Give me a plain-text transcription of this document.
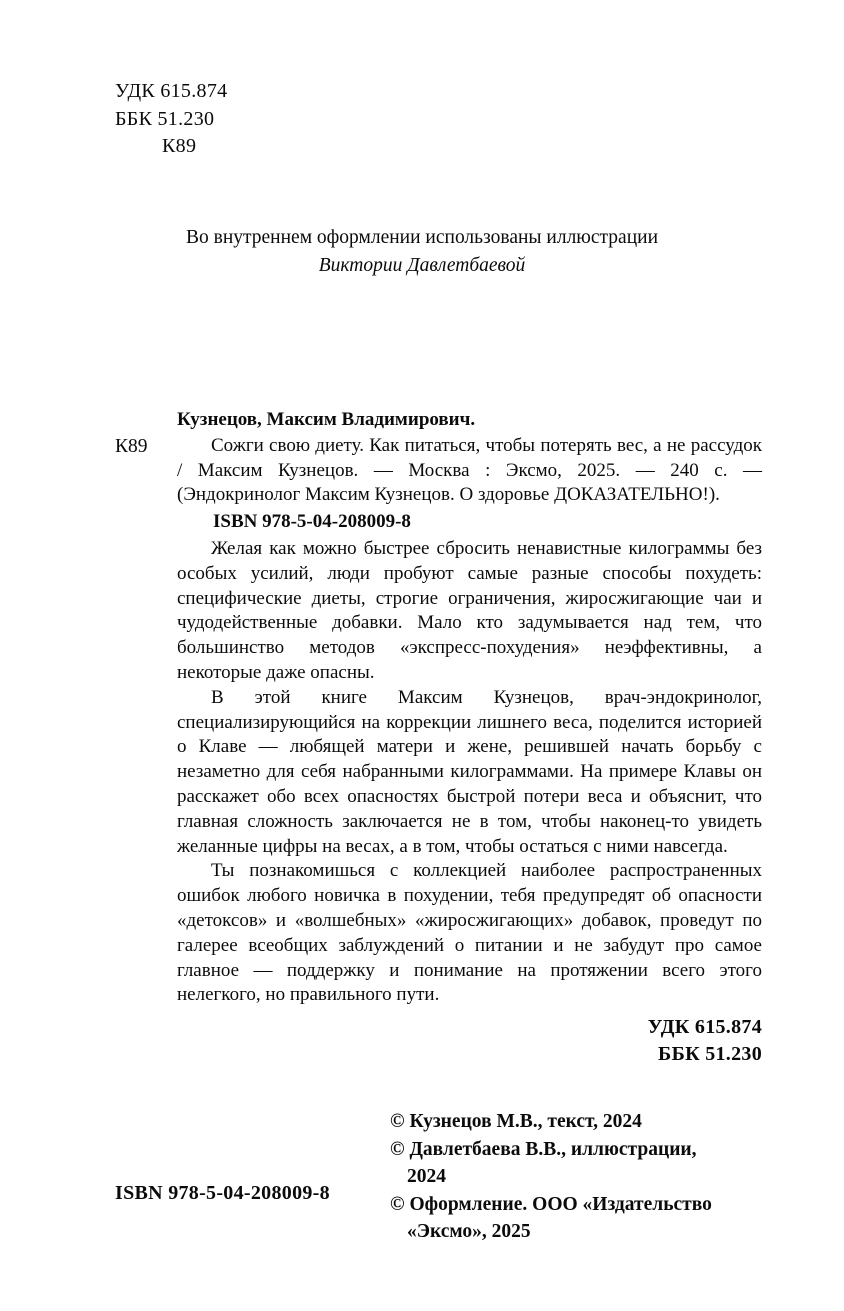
УДК 615.874
ББК 51.230
К89
Во внутреннем оформлении использованы иллюстрации
Виктории Давлетбаевой

Кузнецов, Максим Владимирович.

К89	Сожги свою диету. Как питаться, чтобы потерять вес, а не рассудок / Максим Кузнецов. — Москва : Эксмо, 2025. — 240 с. — (Эндокринолог Максим Кузнецов. О здоровье ДОКАЗАТЕЛЬНО!).

ISBN 978-5-04-208009-8

Желая как можно быстрее сбросить ненавистные килограммы без особых усилий, люди пробуют самые разные способы похудеть: специфические диеты, строгие ограничения, жиросжигающие чаи и чудодейственные добавки. Мало кто задумывается над тем, что большинство методов «экспресс-похудения» неэффективны, а некоторые даже опасны.

В этой книге Максим Кузнецов, врач-эндокринолог, специализирующийся на коррекции лишнего веса, поделится историей о Клаве — любящей матери и жене, решившей начать борьбу с незаметно для себя набранными килограммами. На примере Клавы он расскажет обо всех опасностях быстрой потери веса и объяснит, что главная сложность заключается не в том, чтобы наконец-то увидеть желанные цифры на весах, а в том, чтобы остаться с ними навсегда.

Ты познакомишься с коллекцией наиболее распространенных ошибок любого новичка в похудении, тебя предупредят об опасности «детоксов» и «волшебных» «жиросжигающих» добавок, проведут по галерее всеобщих заблуждений о питании и не забудут про самое главное — поддержку и понимание на протяжении всего этого нелегкого, но правильного пути.

УДК 615.874
ББК 51.230
© Кузнецов М.В., текст, 2024
© Давлетбаева В.В., иллюстрации, 2024
© Оформление. ООО «Издательство «Эксмо», 2025
ISBN 978-5-04-208009-8
